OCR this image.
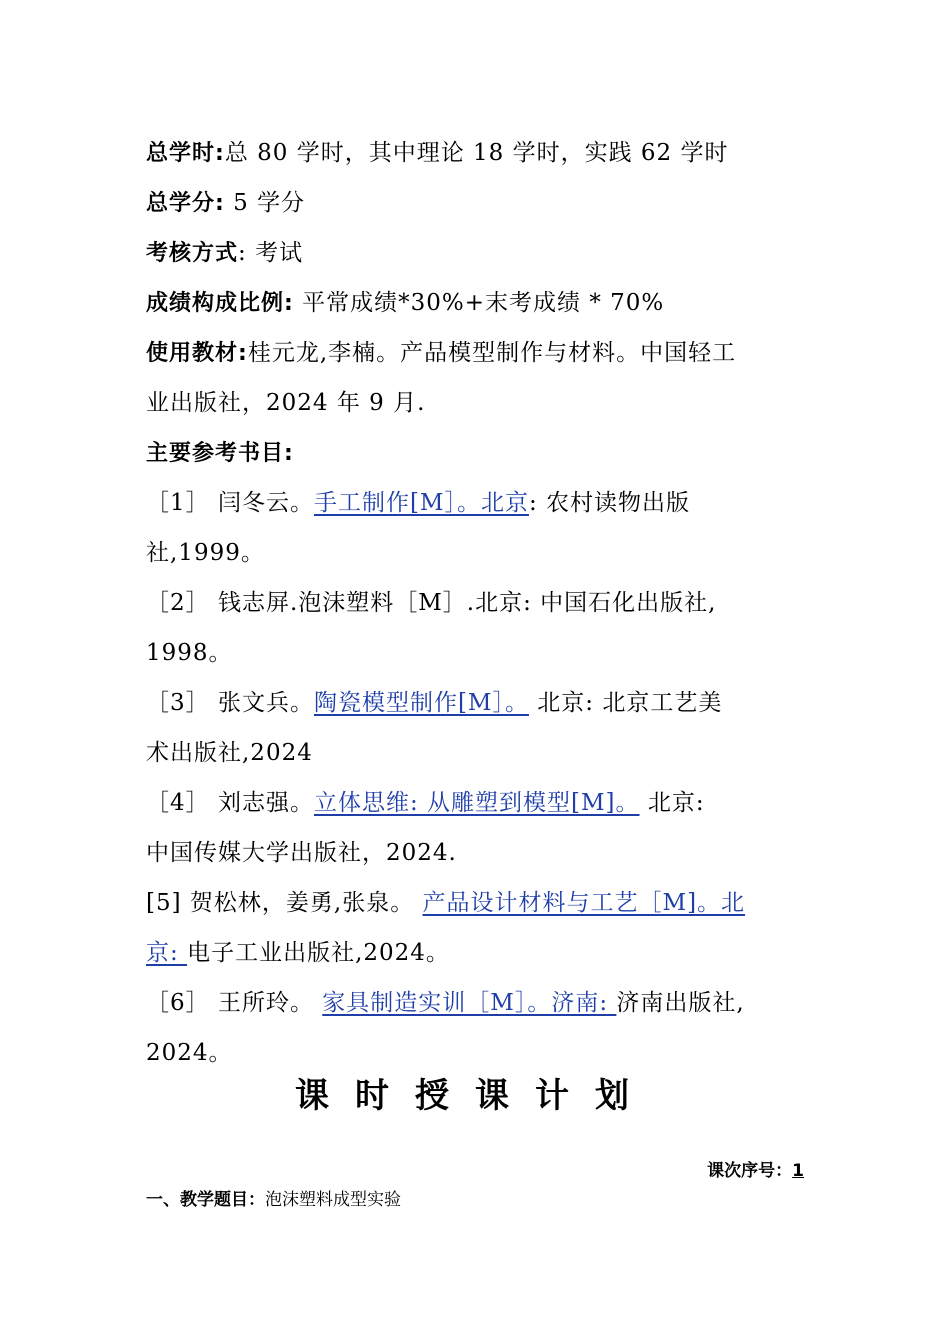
总学时:总 80 学时，其中理论 18 学时，实践 62 学时
总学分: 5 学分
考核方式: 考试
成绩构成比例: 平常成绩*30%+末考成绩 * 70%
使用教材:桂元龙,李楠。产品模型制作与材料。中国轻工
业出版社，2024 年 9 月.
主要参考书目:
［1］ 闫冬云。手工制作[M］。北京: 农村读物出版
社,1999。
［2］ 钱志屏.泡沫塑料［M］.北京: 中国石化出版社,
1998。
［3］ 张文兵。陶瓷模型制作[M］。 北京: 北京工艺美
术出版社,2024
［4］ 刘志强。立体思维: 从雕塑到模型[M]。 北京:
中国传媒大学出版社，2024.
[5] 贺松林，姜勇,张泉。 产品设计材料与工艺［M]。北
京: 电子工业出版社,2024。
［6］ 王所玲。 家具制造实训［M］。济南: 济南出版社,
2024。
课时授课计划
课次序号：1
一、教学题目：泡沫塑料成型实验
